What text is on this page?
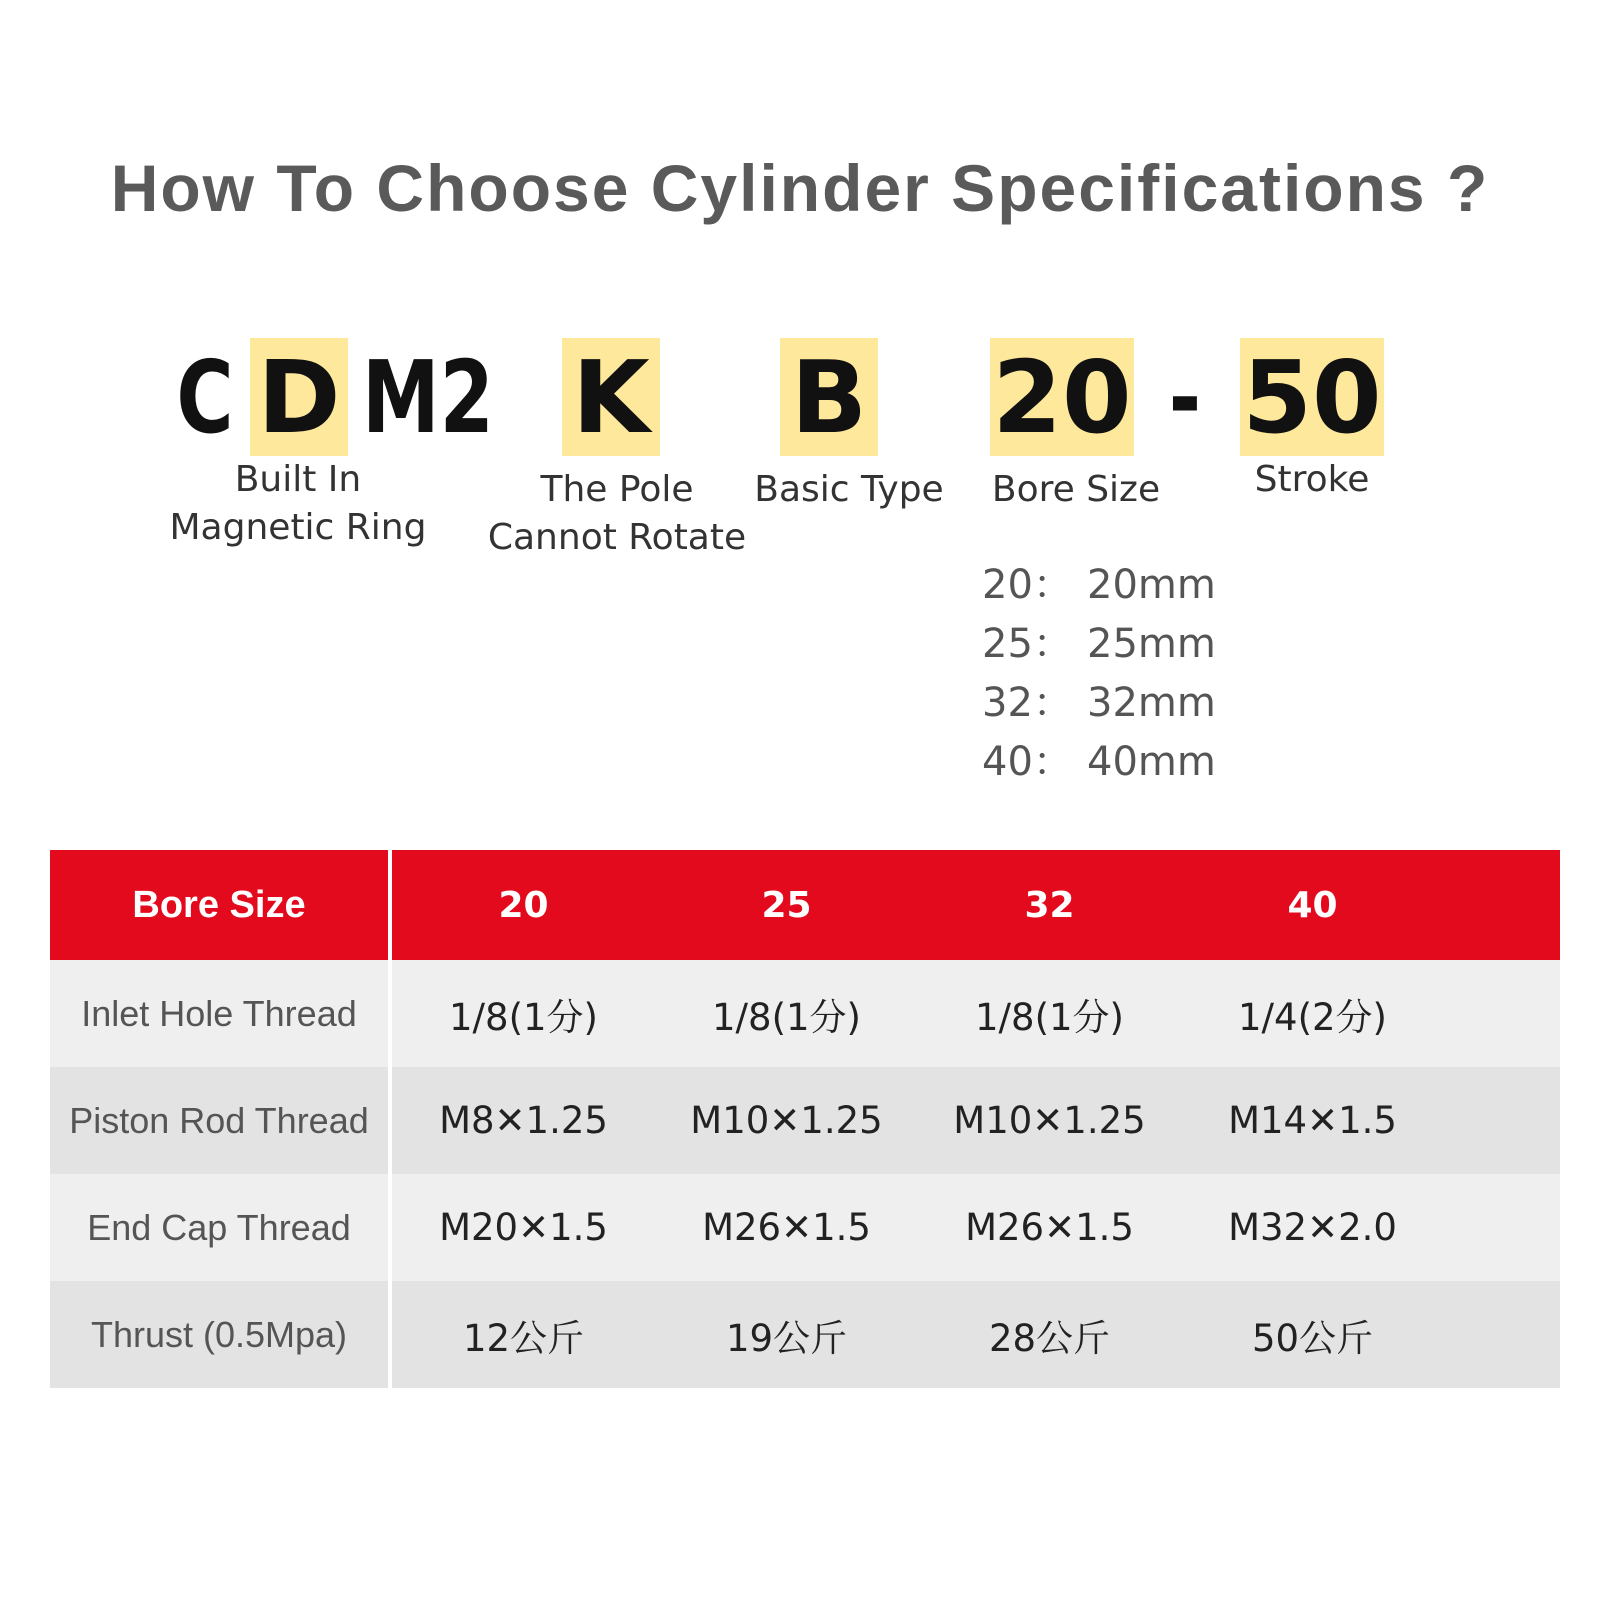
How To Choose Cylinder Specifications ?
C D M2 K B 20 - 50
Built In
Magnetic Ring
The Pole
Cannot Rotate
Basic Type	Bore Size	Stroke
20： 20mm
25： 25mm
32： 32mm
40： 40mm
Bore Size	20	25	32	40
Inlet Hole Thread	1/8(1分)	1/8(1分)	1/8(1分)	1/4(2分)
Piston Rod Thread	M8✕1.25	M10✕1.25	M10✕1.25	M14✕1.5
End Cap Thread	M20✕1.5	M26✕1.5	M26✕1.5	M32✕2.0
Thrust (0.5Mpa)	12公斤	19公斤	28公斤	50公斤
